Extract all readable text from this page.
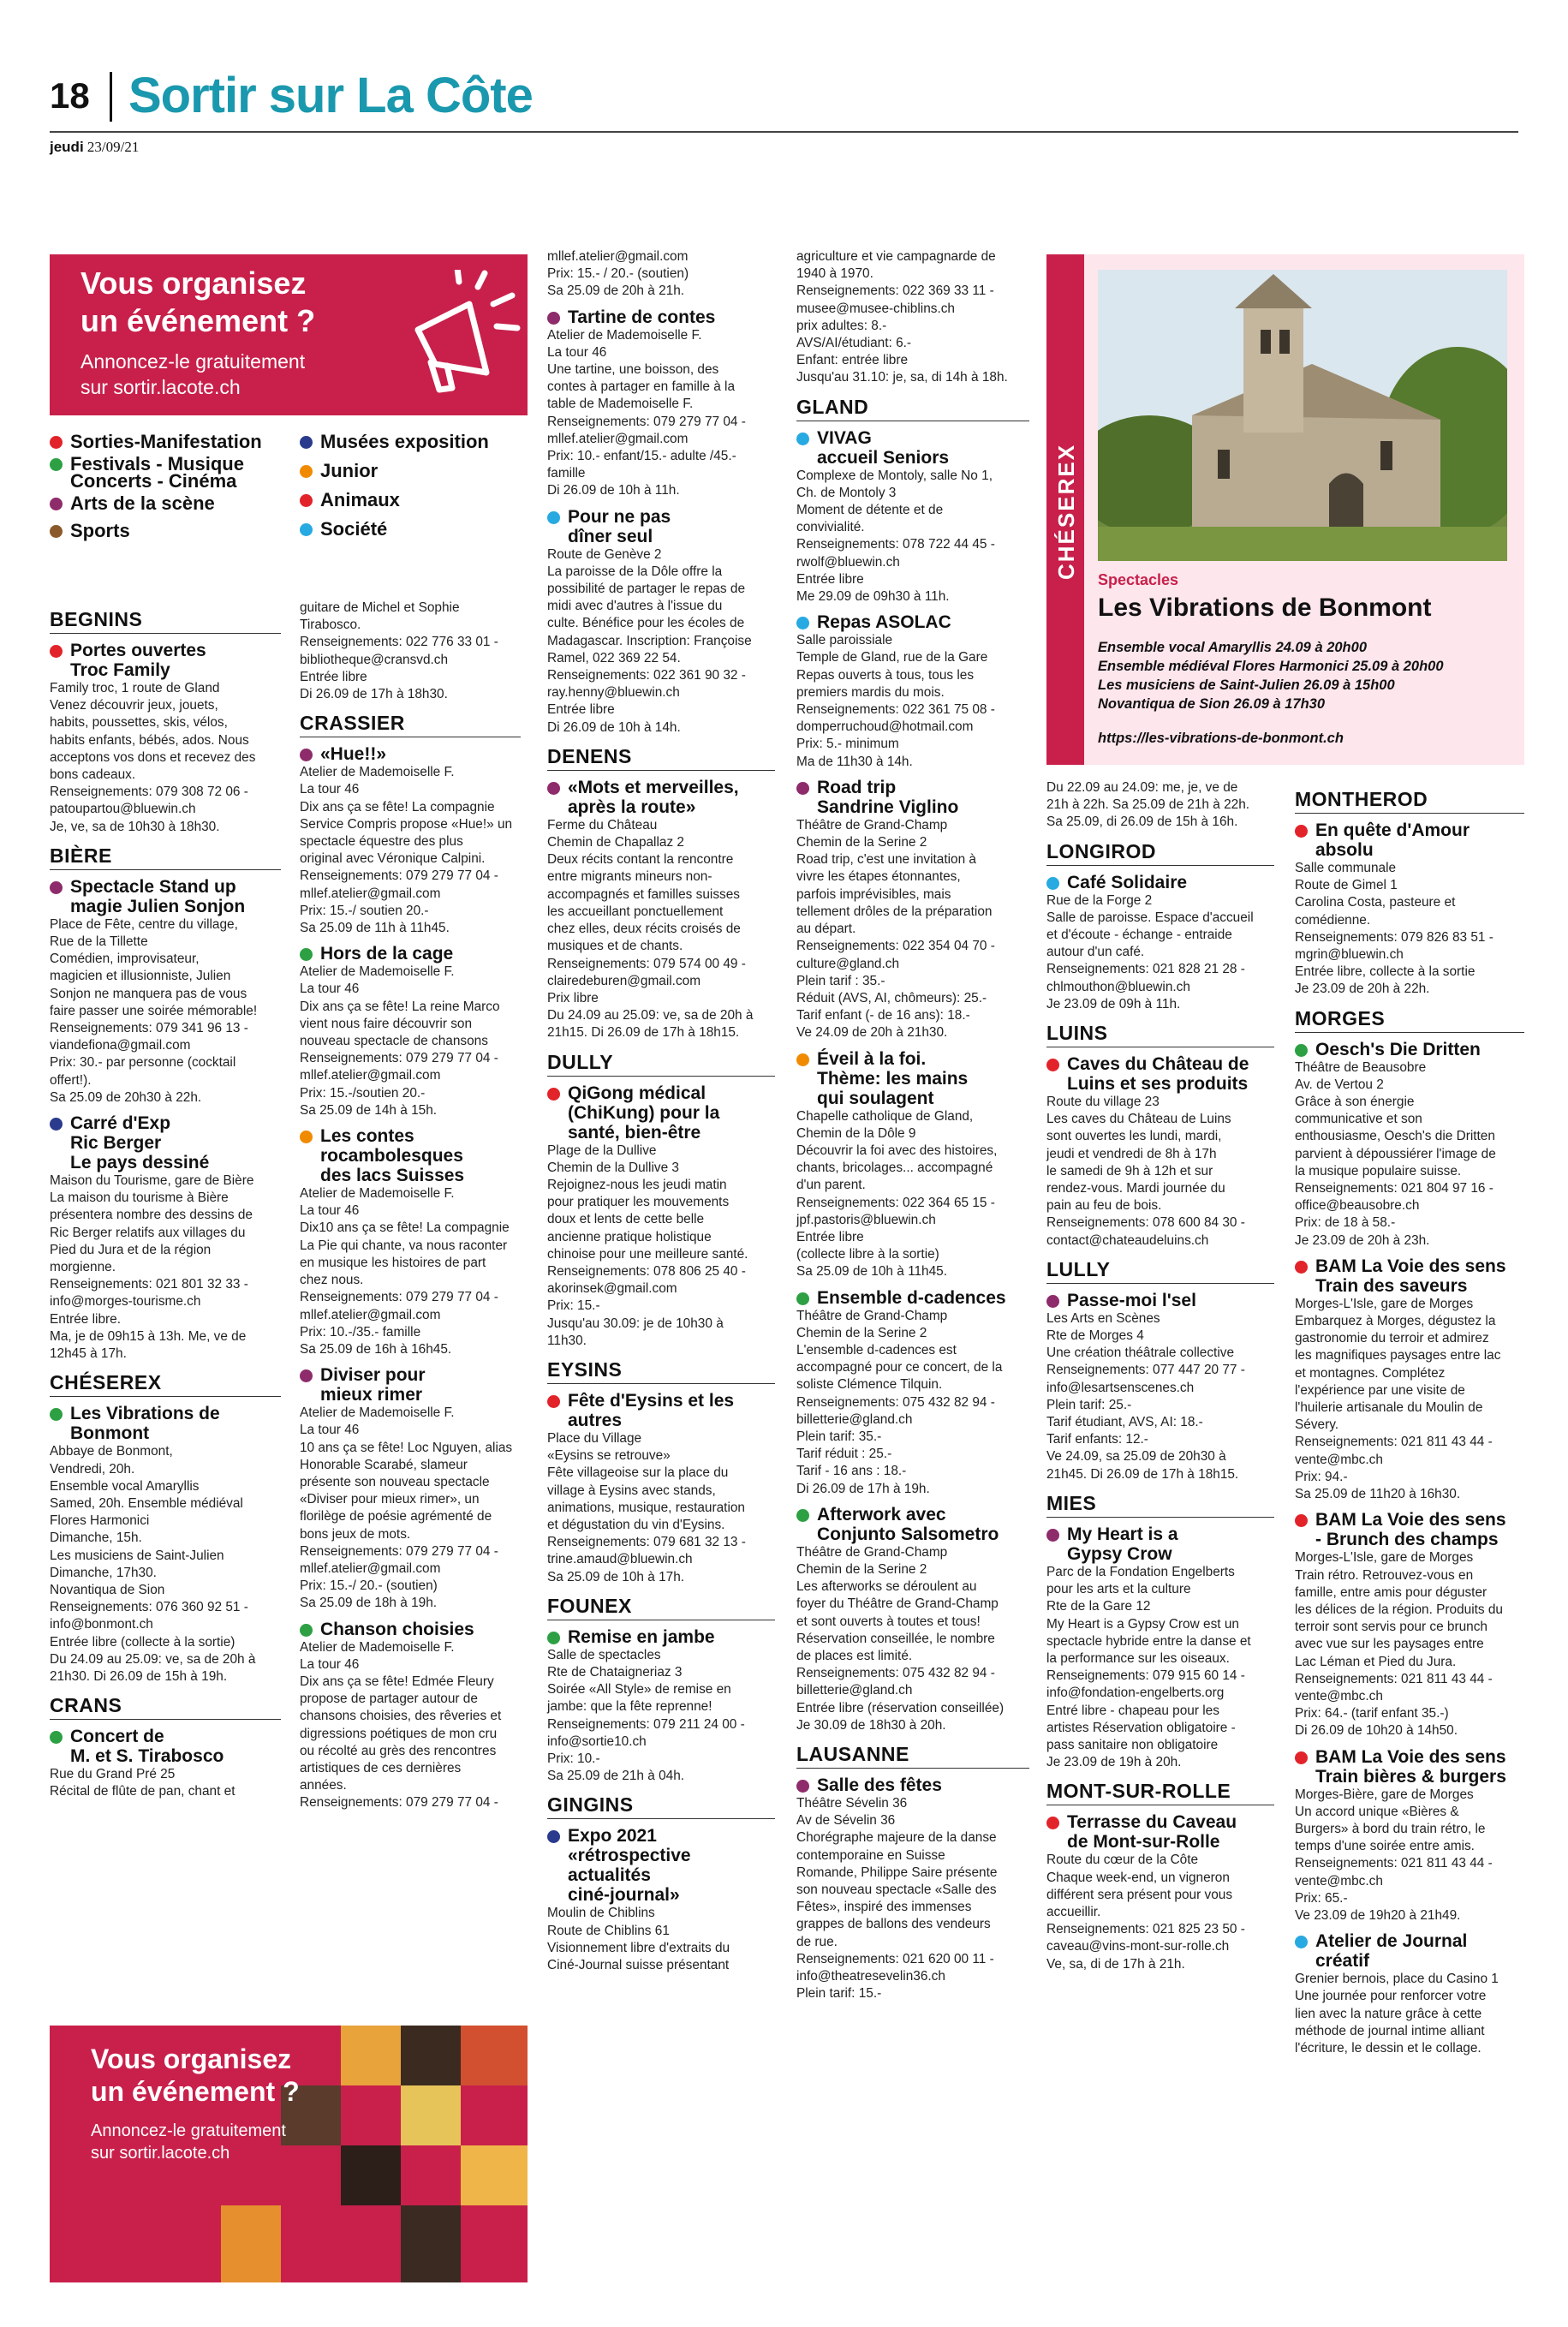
18 Sortir sur La Côte
jeudi 23/09/21
Vous organisez
un événement ?
Annoncez-le gratuitement
sur sortir.lacote.ch
Sorties-Manifestation
Festivals - Musique
Concerts - Cinéma
Arts de la scène
Sports
Musées exposition
Junior
Animaux
Société	CHÉSEREX Spectacles
Les Vibrations de Bonmont
Ensemble vocal Amaryllis 24.09 à 20h00
Ensemble médiéval Flores Harmonici 25.09 à 20h00
Les musiciens de Saint-Julien 26.09 à 15h00
Novantiqua de Sion 26.09 à 17h30
https://les-vibrations-de-bonmont.ch
BEGNINS
Portes ouvertes
Troc Family
Family troc, 1 route de Gland
Venez découvrir jeux, jouets,
habits, poussettes, skis, vélos,
habits enfants, bébés, ados. Nous
acceptons vos dons et recevez des
bons cadeaux.
Renseignements: 079 308 72 06 -
patoupartou@bluewin.ch
Je, ve, sa de 10h30 à 18h30.
BIÈRE
Spectacle Stand up
magie Julien Sonjon
Place de Fête, centre du village,
Rue de la Tillette
Comédien, improvisateur,
magicien et illusionniste, Julien
Sonjon ne manquera pas de vous
faire passer une soirée mémorable!
Renseignements: 079 341 96 13 -
viandefiona@gmail.com
Prix: 30.- par personne (cocktail
offert!).
Sa 25.09 de 20h30 à 22h.
Carré d'Exp
Ric Berger
Le pays dessiné
Maison du Tourisme, gare de Bière
La maison du tourisme à Bière
présentera nombre des dessins de
Ric Berger relatifs aux villages du
Pied du Jura et de la région
morgienne.
Renseignements: 021 801 32 33 -
info@morges-tourisme.ch
Entrée libre.
Ma, je de 09h15 à 13h. Me, ve de
12h45 à 17h.
CHÉSEREX
Les Vibrations de
Bonmont
Abbaye de Bonmont,
Vendredi, 20h.
Ensemble vocal Amaryllis
Samed, 20h. Ensemble médiéval
Flores Harmonici
Dimanche, 15h.
Les musiciens de Saint-Julien
Dimanche, 17h30.
Novantiqua de Sion
Renseignements: 076 360 92 51 -
info@bonmont.ch
Entrée libre (collecte à la sortie)
Du 24.09 au 25.09: ve, sa de 20h à
21h30. Di 26.09 de 15h à 19h.
CRANS
Concert de
M. et S. Tirabosco
Rue du Grand Pré 25
Récital de flûte de pan, chant et
guitare de Michel et Sophie
Tirabosco.
Renseignements: 022 776 33 01 -
bibliotheque@cransvd.ch
Entrée libre
Di 26.09 de 17h à 18h30.
CRASSIER
«Hue!!»
Atelier de Mademoiselle F.
La tour 46
Dix ans ça se fête! La compagnie
Service Compris propose «Hue!» un
spectacle équestre des plus
original avec Véronique Calpini.
Renseignements: 079 279 77 04 -
mllef.atelier@gmail.com
Prix: 15.-/ soutien 20.-
Sa 25.09 de 11h à 11h45.
Hors de la cage
Atelier de Mademoiselle F.
La tour 46
Dix ans ça se fête! La reine Marco
vient nous faire découvrir son
nouveau spectacle de chansons
Renseignements: 079 279 77 04 -
mllef.atelier@gmail.com
Prix: 15.-/soutien 20.-
Sa 25.09 de 14h à 15h.
Les contes
rocambolesques
des lacs Suisses
Atelier de Mademoiselle F.
La tour 46
Dix10 ans ça se fête! La compagnie
La Pie qui chante, va nous raconter
en musique les histoires de part
chez nous.
Renseignements: 079 279 77 04 -
mllef.atelier@gmail.com
Prix: 10.-/35.- famille
Sa 25.09 de 16h à 16h45.
Diviser pour
mieux rimer
Atelier de Mademoiselle F.
La tour 46
10 ans ça se fête! Loc Nguyen, alias
Honorable Scarabé, slameur
présente son nouveau spectacle
«Diviser pour mieux rimer», un
florilège de poésie agrémenté de
bons jeux de mots.
Renseignements: 079 279 77 04 -
mllef.atelier@gmail.com
Prix: 15.-/ 20.- (soutien)
Sa 25.09 de 18h à 19h.
Chanson choisies
Atelier de Mademoiselle F.
La tour 46
Dix ans ça se fête! Edmée Fleury
propose de partager autour de
chansons choisies, des rêveries et
digressions poétiques de mon cru
ou récolté au grès des rencontres
artistiques de ces dernières
années.
Renseignements: 079 279 77 04 -
mllef.atelier@gmail.com
Prix: 15.- / 20.- (soutien)
Sa 25.09 de 20h à 21h.
Tartine de contes
Atelier de Mademoiselle F.
La tour 46
Une tartine, une boisson, des
contes à partager en famille à la
table de Mademoiselle F.
Renseignements: 079 279 77 04 -
mllef.atelier@gmail.com
Prix: 10.- enfant/15.- adulte /45.-
famille
Di 26.09 de 10h à 11h.
Pour ne pas
dîner seul
Route de Genève 2
La paroisse de la Dôle offre la
possibilité de partager le repas de
midi avec d'autres à l'issue du
culte. Bénéfice pour les écoles de
Madagascar. Inscription: Françoise
Ramel, 022 369 22 54.
Renseignements: 022 361 90 32 -
ray.henny@bluewin.ch
Entrée libre
Di 26.09 de 10h à 14h.
DENENS
«Mots et merveilles,
après la route»
Ferme du Château
Chemin de Chapallaz 2
Deux récits contant la rencontre
entre migrants mineurs non-
accompagnés et familles suisses
les accueillant ponctuellement
chez elles, deux récits croisés de
musiques et de chants.
Renseignements: 079 574 00 49 -
clairedeburen@gmail.com
Prix libre
Du 24.09 au 25.09: ve, sa de 20h à
21h15. Di 26.09 de 17h à 18h15.
DULLY
QiGong médical
(ChiKung) pour la
santé, bien-être
Plage de la Dullive
Chemin de la Dullive 3
Rejoignez-nous les jeudi matin
pour pratiquer les mouvements
doux et lents de cette belle
ancienne pratique holistique
chinoise pour une meilleure santé.
Renseignements: 078 806 25 40 -
akorinsek@gmail.com
Prix: 15.-
Jusqu'au 30.09: je de 10h30 à
11h30.
EYSINS
Fête d'Eysins et les
autres
Place du Village
«Eysins se retrouve»
Fête villageoise sur la place du
village à Eysins avec stands,
animations, musique, restauration
et dégustation du vin d'Eysins.
Renseignements: 079 681 32 13 -
trine.amaud@bluewin.ch
Sa 25.09 de 10h à 17h.
FOUNEX
Remise en jambe
Salle de spectacles
Rte de Chataigneriaz 3
Soirée «All Style» de remise en
jambe: que la fête reprenne!
Renseignements: 079 211 24 00 -
info@sortie10.ch
Prix: 10.-
Sa 25.09 de 21h à 04h.
GINGINS
Expo 2021
«rétrospective
actualités
ciné-journal»
Moulin de Chiblins
Route de Chiblins 61
Visionnement libre d'extraits du
Ciné-Journal suisse présentant
agriculture et vie campagnarde de
1940 à 1970.
Renseignements: 022 369 33 11 -
musee@musee-chiblins.ch
prix adultes: 8.-
AVS/AI/étudiant: 6.-
Enfant: entrée libre
Jusqu'au 31.10: je, sa, di 14h à 18h.
GLAND
VIVAG
accueil Seniors
Complexe de Montoly, salle No 1,
Ch. de Montoly 3
Moment de détente et de
convivialité.
Renseignements: 078 722 44 45 -
rwolf@bluewin.ch
Entrée libre
Me 29.09 de 09h30 à 11h.
Repas ASOLAC
Salle paroissiale
Temple de Gland, rue de la Gare
Repas ouverts à tous, tous les
premiers mardis du mois.
Renseignements: 022 361 75 08 -
domperruchoud@hotmail.com
Prix: 5.- minimum
Ma de 11h30 à 14h.
Road trip
Sandrine Viglino
Théâtre de Grand-Champ
Chemin de la Serine 2
Road trip, c'est une invitation à
vivre les étapes étonnantes,
parfois imprévisibles, mais
tellement drôles de la préparation
au départ.
Renseignements: 022 354 04 70 -
culture@gland.ch
Plein tarif : 35.-
Réduit (AVS, AI, chômeurs): 25.-
Tarif enfant (- de 16 ans): 18.-
Ve 24.09 de 20h à 21h30.
Éveil à la foi.
Thème: les mains
qui soulagent
Chapelle catholique de Gland,
Chemin de la Dôle 9
Découvrir la foi avec des histoires,
chants, bricolages... accompagné
d'un parent.
Renseignements: 022 364 65 15 -
jpf.pastoris@bluewin.ch
Entrée libre
(collecte libre à la sortie)
Sa 25.09 de 10h à 11h45.
Ensemble d-cadences
Théâtre de Grand-Champ
Chemin de la Serine 2
L'ensemble d-cadences est
accompagné pour ce concert, de la
soliste Clémence Tilquin.
Renseignements: 075 432 82 94 -
billetterie@gland.ch
Plein tarif: 35.-
Tarif réduit : 25.-
Tarif - 16 ans : 18.-
Di 26.09 de 17h à 19h.
Afterwork avec
Conjunto Salsometro
Théâtre de Grand-Champ
Chemin de la Serine 2
Les afterworks se déroulent au
foyer du Théâtre de Grand-Champ
et sont ouverts à toutes et tous!
Réservation conseillée, le nombre
de places est limité.
Renseignements: 075 432 82 94 -
billetterie@gland.ch
Entrée libre (réservation conseillée)
Je 30.09 de 18h30 à 20h.
LAUSANNE
Salle des fêtes
Théâtre Sévelin 36
Av de Sévelin 36
Chorégraphe majeure de la danse
contemporaine en Suisse
Romande, Philippe Saire présente
son nouveau spectacle «Salle des
Fêtes», inspiré des immenses
grappes de ballons des vendeurs
de rue.
Renseignements: 021 620 00 11 -
info@theatresevelin36.ch
Plein tarif: 15.-
Du 22.09 au 24.09: me, je, ve de
21h à 22h. Sa 25.09 de 21h à 22h.
Sa 25.09, di 26.09 de 15h à 16h.
LONGIROD
Café Solidaire
Rue de la Forge 2
Salle de paroisse. Espace d'accueil
et d'écoute - échange - entraide
autour d'un café.
Renseignements: 021 828 21 28 -
chlmouthon@bluewin.ch
Je 23.09 de 09h à 11h.
LUINS
Caves du Château de
Luins et ses produits
Route du village 23
Les caves du Château de Luins
sont ouvertes les lundi, mardi,
jeudi et vendredi de 8h à 17h
le samedi de 9h à 12h et sur
rendez-vous. Mardi journée du
pain au feu de bois.
Renseignements: 078 600 84 30 -
contact@chateaudeluins.ch
LULLY
Passe-moi l'sel
Les Arts en Scènes
Rte de Morges 4
Une création théâtrale collective
Renseignements: 077 447 20 77 -
info@lesartsenscenes.ch
Plein tarif: 25.-
Tarif étudiant, AVS, AI: 18.-
Tarif enfants: 12.-
Ve 24.09, sa 25.09 de 20h30 à
21h45. Di 26.09 de 17h à 18h15.
MIES
My Heart is a
Gypsy Crow
Parc de la Fondation Engelberts
pour les arts et la culture
Rte de la Gare 12
My Heart is a Gypsy Crow est un
spectacle hybride entre la danse et
la performance sur les oiseaux.
Renseignements: 079 915 60 14 -
info@fondation-engelberts.org
Entré libre - chapeau pour les
artistes Réservation obligatoire -
pass sanitaire non obligatoire
Je 23.09 de 19h à 20h.
MONT-SUR-ROLLE
Terrasse du Caveau
de Mont-sur-Rolle
Route du cœur de la Côte
Chaque week-end, un vigneron
différent sera présent pour vous
accueillir.
Renseignements: 021 825 23 50 -
caveau@vins-mont-sur-rolle.ch
Ve, sa, di de 17h à 21h.
MONTHEROD
En quête d'Amour
absolu
Salle communale
Route de Gimel 1
Carolina Costa, pasteure et
comédienne.
Renseignements: 079 826 83 51 -
mgrin@bluewin.ch
Entrée libre, collecte à la sortie
Je 23.09 de 20h à 22h.
MORGES
Oesch's Die Dritten
Théâtre de Beausobre
Av. de Vertou 2
Grâce à son énergie
communicative et son
enthousiasme, Oesch's die Dritten
parvient à dépoussiérer l'image de
la musique populaire suisse.
Renseignements: 021 804 97 16 -
office@beausobre.ch
Prix: de 18 à 58.-
Je 23.09 de 20h à 23h.
BAM La Voie des sens
Train des saveurs
Morges-L'Isle, gare de Morges
Embarquez à Morges, dégustez la
gastronomie du terroir et admirez
les magnifiques paysages entre lac
et montagnes. Complétez
l'expérience par une visite de
l'huilerie artisanale du Moulin de
Sévery.
Renseignements: 021 811 43 44 -
vente@mbc.ch
Prix: 94.-
Sa 25.09 de 11h20 à 16h30.
BAM La Voie des sens
- Brunch des champs
Morges-L'Isle, gare de Morges
Train rétro. Retrouvez-vous en
famille, entre amis pour déguster
les délices de la région. Produits du
terroir sont servis pour ce brunch
avec vue sur les paysages entre
Lac Léman et Pied du Jura.
Renseignements: 021 811 43 44 -
vente@mbc.ch
Prix: 64.- (tarif enfant 35.-)
Di 26.09 de 10h20 à 14h50.
BAM La Voie des sens
Train bières & burgers
Morges-Bière, gare de Morges
Un accord unique «Bières &
Burgers» à bord du train rétro, le
temps d'une soirée entre amis.
Renseignements: 021 811 43 44 -
vente@mbc.ch
Prix: 65.-
Ve 23.09 de 19h20 à 21h49.
Atelier de Journal
créatif
Grenier bernois, place du Casino 1
Une journée pour renforcer votre
lien avec la nature grâce à cette
méthode de journal intime alliant
l'écriture, le dessin et le collage.
Vous organisez
un événement ?
Annoncez-le gratuitement
sur sortir.lacote.ch
